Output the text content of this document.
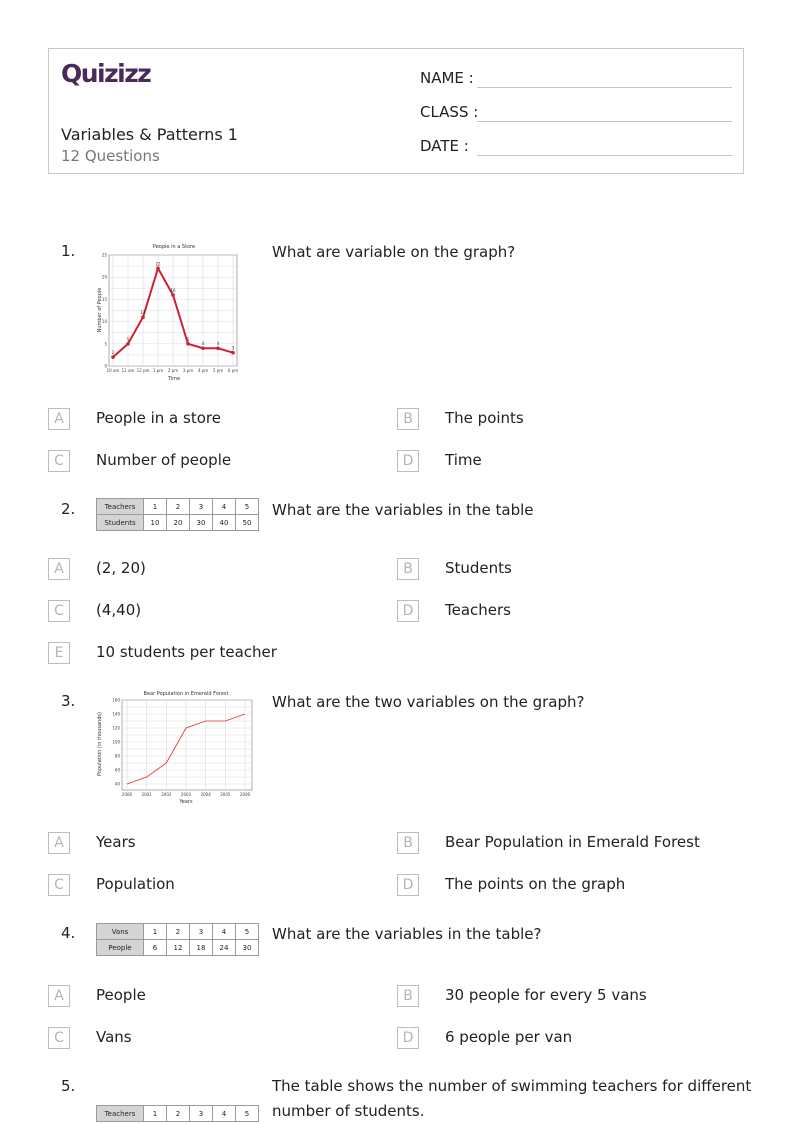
Quizizz
Variables & Patterns 1
12 Questions
NAME :
CLASS :
DATE :
1.	What are variable on the graph?
People in a Store
Time
Number of People
0
5
10
15
20
25
10 am 11 am 12 pm 1 pm 2 pm 3 pm 4 pm 5 pm 6 pm
2
5
11
22
16
5
4	4
3
A	People in a store	B	The points
C	Number of people	D	Time
2.	What are the variables in the table
Teachers	1	2	3	4	5
Students	10	20	30	40	50
A	(2, 20)	B	Students
C	(4,40)	D	Teachers
E	10 students per teacher
3.	What are the two variables on the graph?
Bear Population in Emerald Forest
Years
Population (in thousands)
40
60
80
100
120
140
160
2000 2001 2002 2003 2004 2005 2006
A	Years	B	Bear Population in Emerald Forest
C	Population	D	The points on the graph
4.	What are the variables in the table?
Vans	1	2	3	4	5
People	6	12	18	24	30
A	People	B	30 people for every 5 vans
C	Vans	D	6 people per van
5.	The table shows the number of swimming teachers for different number of students.
Teachers	1	2	3	4	5
